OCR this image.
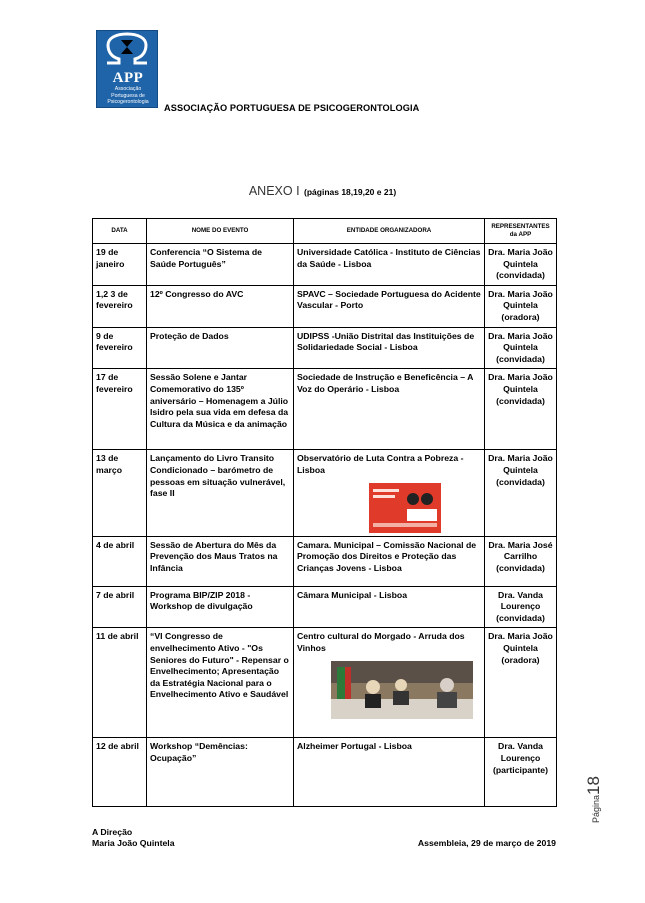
APP
Associação
Portuguesa de
Psicogerontologia
ASSOCIAÇÃO PORTUGUESA DE PSICOGERONTOLOGIA
ANEXO I (páginas 18,19,20 e 21)
DATA	NOME DO EVENTO	ENTIDADE ORGANIZADORA	REPRESENTANTES da APP
19 de janeiro	Conferencia “O Sistema de Saúde Português”	Universidade Católica - Instituto de Ciências da Saúde - Lisboa	Dra. Maria João Quintela (convidada)
1,2 3 de fevereiro	12º Congresso do AVC	SPAVC – Sociedade Portuguesa do Acidente Vascular - Porto	Dra. Maria João Quintela (oradora)
9 de fevereiro	Proteção de Dados	UDIPSS -União Distrital das Instituições de Solidariedade Social - Lisboa	Dra. Maria João Quintela (convidada)
17 de fevereiro	Sessão Solene e Jantar Comemorativo do 135º aniversário – Homenagem a Júlio Isidro pela sua vida em defesa da Cultura da Música e da animação	Sociedade de Instrução e Beneficência – A Voz do Operário - Lisboa	Dra. Maria João Quintela (convidada)
13 de março	Lançamento do Livro Transito Condicionado – barómetro de pessoas em situação vulnerável, fase II	Observatório de Luta Contra a Pobreza - Lisboa	Dra. Maria João Quintela (convidada)
4 de abril	Sessão de Abertura do Mês da Prevenção dos Maus Tratos na Infância	Camara. Municipal – Comissão Nacional de Promoção dos Direitos e Proteção das Crianças Jovens - Lisboa	Dra. Maria José Carrilho (convidada)
7 de abril	Programa BIP/ZIP 2018 - Workshop de divulgação	Câmara Municipal - Lisboa	Dra. Vanda Lourenço (convidada)
11 de abril	“VI Congresso de envelhecimento Ativo - "Os Seniores do Futuro" - Repensar o Envelhecimento; Apresentação da Estratégia Nacional para o Envelhecimento Ativo e Saudável	Centro cultural do Morgado - Arruda dos Vinhos	Dra. Maria João Quintela (oradora)
12 de abril	Workshop “Demências: Ocupação”	Alzheimer Portugal - Lisboa	Dra. Vanda Lourenço (participante)
Página18
A Direção
Maria João Quintela	Assembleia, 29 de março de 2019
